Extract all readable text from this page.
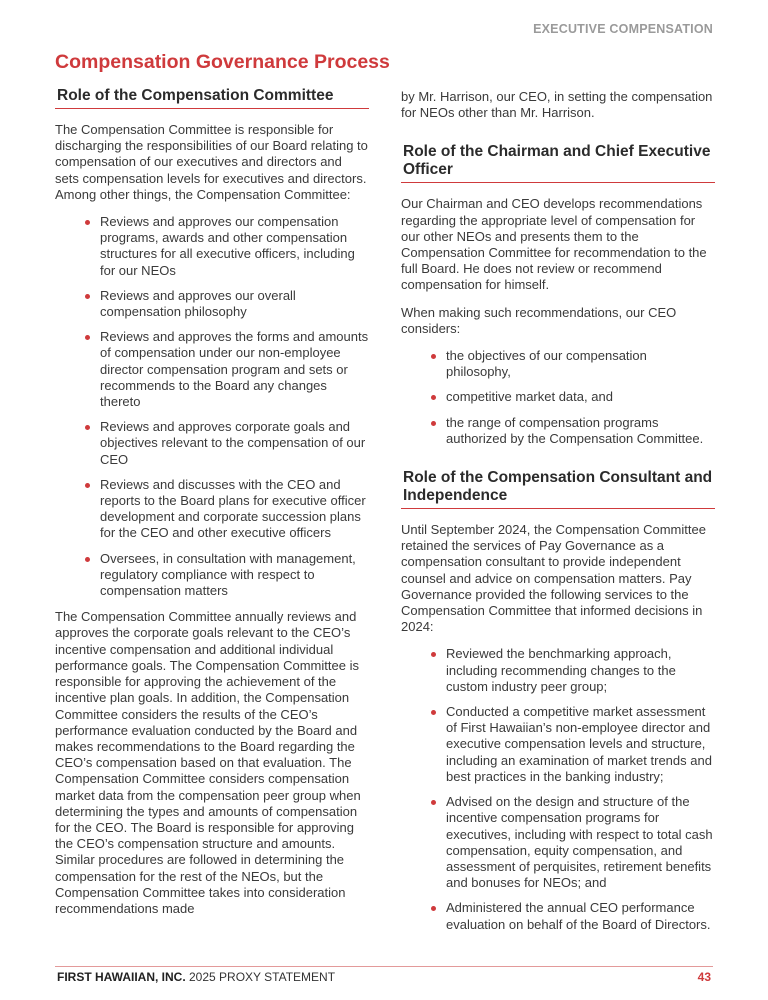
EXECUTIVE COMPENSATION
Compensation Governance Process
Role of the Compensation Committee

The Compensation Committee is responsible for discharging the responsibilities of our Board relating to compensation of our executives and directors and sets compensation levels for executives and directors. Among other things, the Compensation Committee:

Reviews and approves our compensation programs, awards and other compensation structures for all executive officers, including for our NEOs
Reviews and approves our overall compensation philosophy
Reviews and approves the forms and amounts of compensation under our non-employee director compensation program and sets or recommends to the Board any changes thereto
Reviews and approves corporate goals and objectives relevant to the compensation of our CEO
Reviews and discusses with the CEO and reports to the Board plans for executive officer development and corporate succession plans for the CEO and other executive officers
Oversees, in consultation with management, regulatory compliance with respect to compensation matters

The Compensation Committee annually reviews and approves the corporate goals relevant to the CEO’s incentive compensation and additional individual performance goals. The Compensation Committee is responsible for approving the achievement of the incentive plan goals. In addition, the Compensation Committee considers the results of the CEO’s performance evaluation conducted by the Board and makes recommendations to the Board regarding the CEO’s compensation based on that evaluation. The Compensation Committee considers compensation market data from the compensation peer group when determining the types and amounts of compensation for the CEO. The Board is responsible for approving the CEO’s compensation structure and amounts. Similar procedures are followed in determining the compensation for the rest of the NEOs, but the Compensation Committee takes into consideration recommendations made

by Mr. Harrison, our CEO, in setting the compensation for NEOs other than Mr. Harrison.

Role of the Chairman and Chief Executive Officer

Our Chairman and CEO develops recommendations regarding the appropriate level of compensation for our other NEOs and presents them to the Compensation Committee for recommendation to the full Board. He does not review or recommend compensation for himself.

When making such recommendations, our CEO considers:

the objectives of our compensation philosophy,
competitive market data, and
the range of compensation programs authorized by the Compensation Committee.
Role of the Compensation Consultant and Independence

Until September 2024, the Compensation Committee retained the services of Pay Governance as a compensation consultant to provide independent counsel and advice on compensation matters. Pay Governance provided the following services to the Compensation Committee that informed decisions in 2024:

Reviewed the benchmarking approach, including recommending changes to the custom industry peer group;
Conducted a competitive market assessment of First Hawaiian’s non-employee director and executive compensation levels and structure, including an examination of market trends and best practices in the banking industry;
Advised on the design and structure of the incentive compensation programs for executives, including with respect to total cash compensation, equity compensation, and assessment of perquisites, retirement benefits and bonuses for NEOs; and
Administered the annual CEO performance evaluation on behalf of the Board of Directors.
FIRST HAWAIIAN, INC. 2025 PROXY STATEMENT	43
